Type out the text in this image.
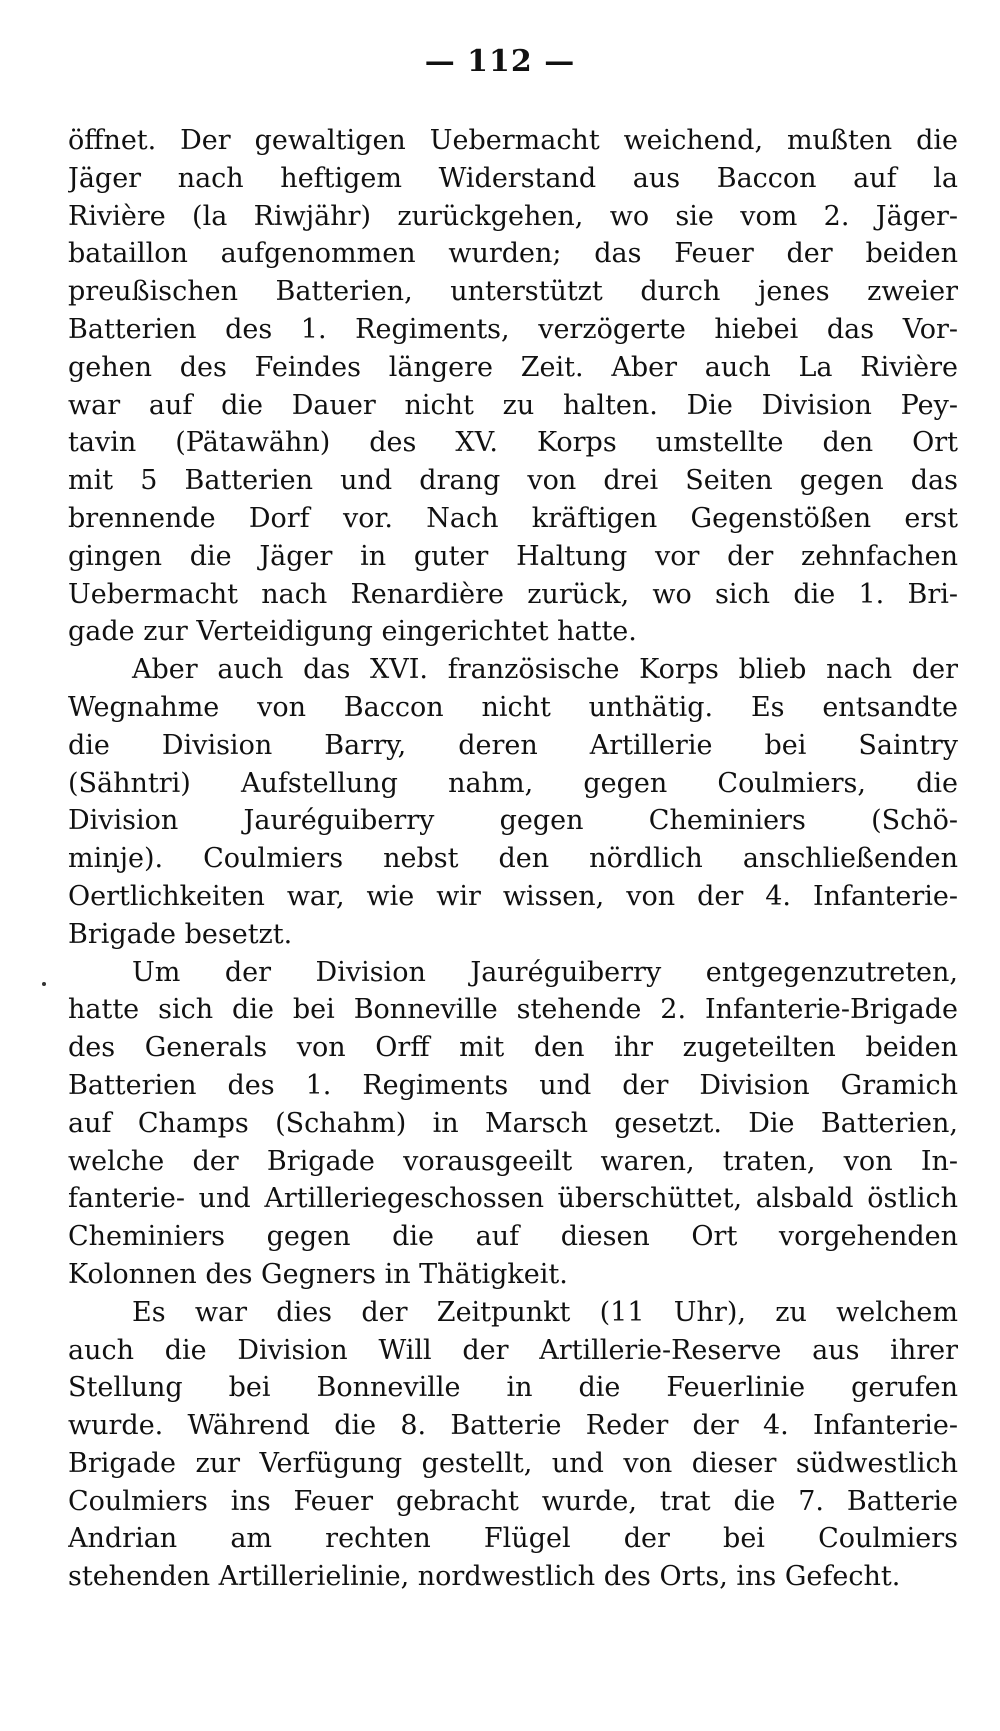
— 112 —
öffnet. Der gewaltigen Uebermacht weichend, mußten die
Jäger nach heftigem Widerstand aus Baccon auf la
Rivière (la Riwjähr) zurückgehen, wo sie vom 2. Jäger-
bataillon aufgenommen wurden; das Feuer der beiden
preußischen Batterien, unterstützt durch jenes zweier
Batterien des 1. Regiments, verzögerte hiebei das Vor-
gehen des Feindes längere Zeit. Aber auch La Rivière
war auf die Dauer nicht zu halten. Die Division Pey-
tavin (Pätawähn) des XV. Korps umstellte den Ort
mit 5 Batterien und drang von drei Seiten gegen das
brennende Dorf vor. Nach kräftigen Gegenstößen erst
gingen die Jäger in guter Haltung vor der zehnfachen
Uebermacht nach Renardière zurück, wo sich die 1. Bri-
gade zur Verteidigung eingerichtet hatte.
Aber auch das XVI. französische Korps blieb nach der
Wegnahme von Baccon nicht unthätig. Es entsandte
die Division Barry, deren Artillerie bei Saintry
(Sähntri) Aufstellung nahm, gegen Coulmiers, die
Division Jauréguiberry gegen Cheminiers (Schö-
minje). Coulmiers nebst den nördlich anschließenden
Oertlichkeiten war, wie wir wissen, von der 4. Infanterie-
Brigade besetzt.
Um der Division Jauréguiberry entgegenzutreten,
hatte sich die bei Bonneville stehende 2. Infanterie-Brigade
des Generals von Orff mit den ihr zugeteilten beiden
Batterien des 1. Regiments und der Division Gramich
auf Champs (Schahm) in Marsch gesetzt. Die Batterien,
welche der Brigade vorausgeeilt waren, traten, von In-
fanterie- und Artilleriegeschossen überschüttet, alsbald östlich
Cheminiers gegen die auf diesen Ort vorgehenden
Kolonnen des Gegners in Thätigkeit.
Es war dies der Zeitpunkt (11 Uhr), zu welchem
auch die Division Will der Artillerie-Reserve aus ihrer
Stellung bei Bonneville in die Feuerlinie gerufen
wurde. Während die 8. Batterie Reder der 4. Infanterie-
Brigade zur Verfügung gestellt, und von dieser südwestlich
Coulmiers ins Feuer gebracht wurde, trat die 7. Batterie
Andrian am rechten Flügel der bei Coulmiers
stehenden Artillerielinie, nordwestlich des Orts, ins Gefecht.
